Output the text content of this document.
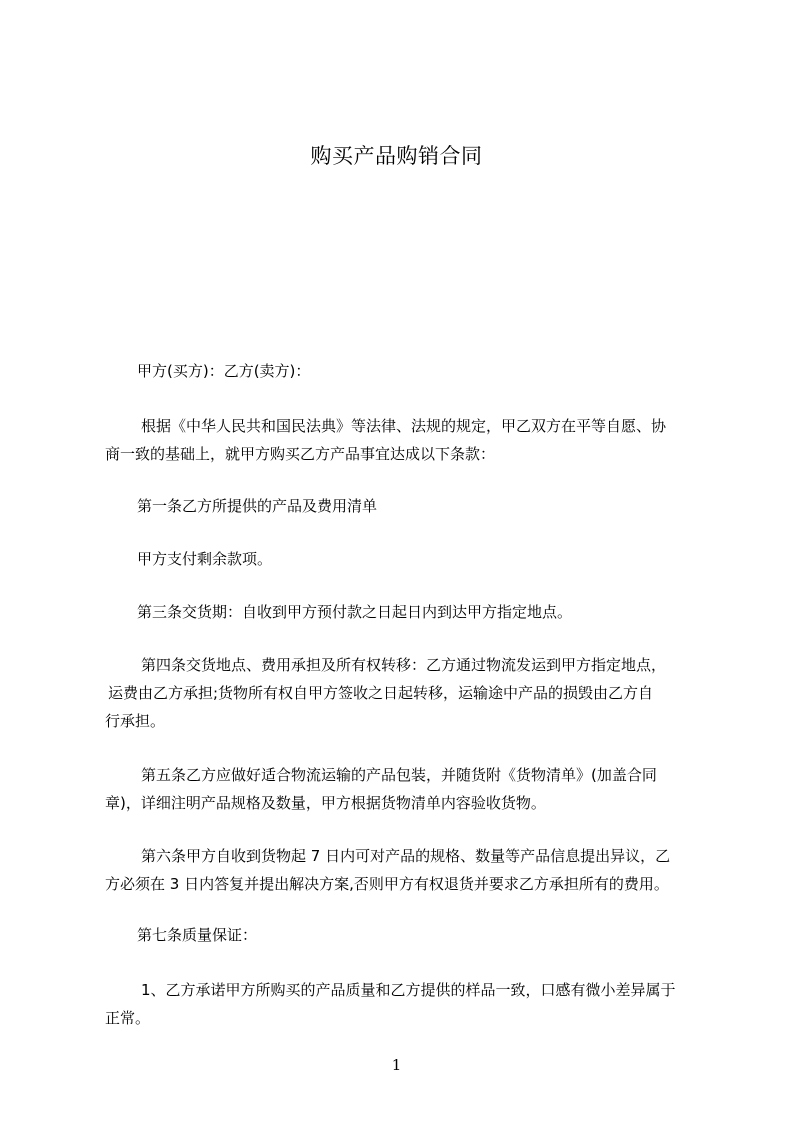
购买产品购销合同
甲方(买方)：乙方(卖方)：
根据《中华人民共和国民法典》等法律、法规的规定，甲乙双方在平等自愿、协
商一致的基础上，就甲方购买乙方产品事宜达成以下条款：
第一条乙方所提供的产品及费用清单
甲方支付剩余款项。
第三条交货期：自收到甲方预付款之日起日内到达甲方指定地点。
第四条交货地点、费用承担及所有权转移：乙方通过物流发运到甲方指定地点，
运费由乙方承担;货物所有权自甲方签收之日起转移，运输途中产品的损毁由乙方自
行承担。
第五条乙方应做好适合物流运输的产品包装，并随货附《货物清单》(加盖合同
章)，详细注明产品规格及数量，甲方根据货物清单内容验收货物。
第六条甲方自收到货物起 7 日内可对产品的规格、数量等产品信息提出异议，乙
方必须在 3 日内答复并提出解决方案,否则甲方有权退货并要求乙方承担所有的费用。
第七条质量保证：
1、乙方承诺甲方所购买的产品质量和乙方提供的样品一致，口感有微小差异属于
正常。
1
